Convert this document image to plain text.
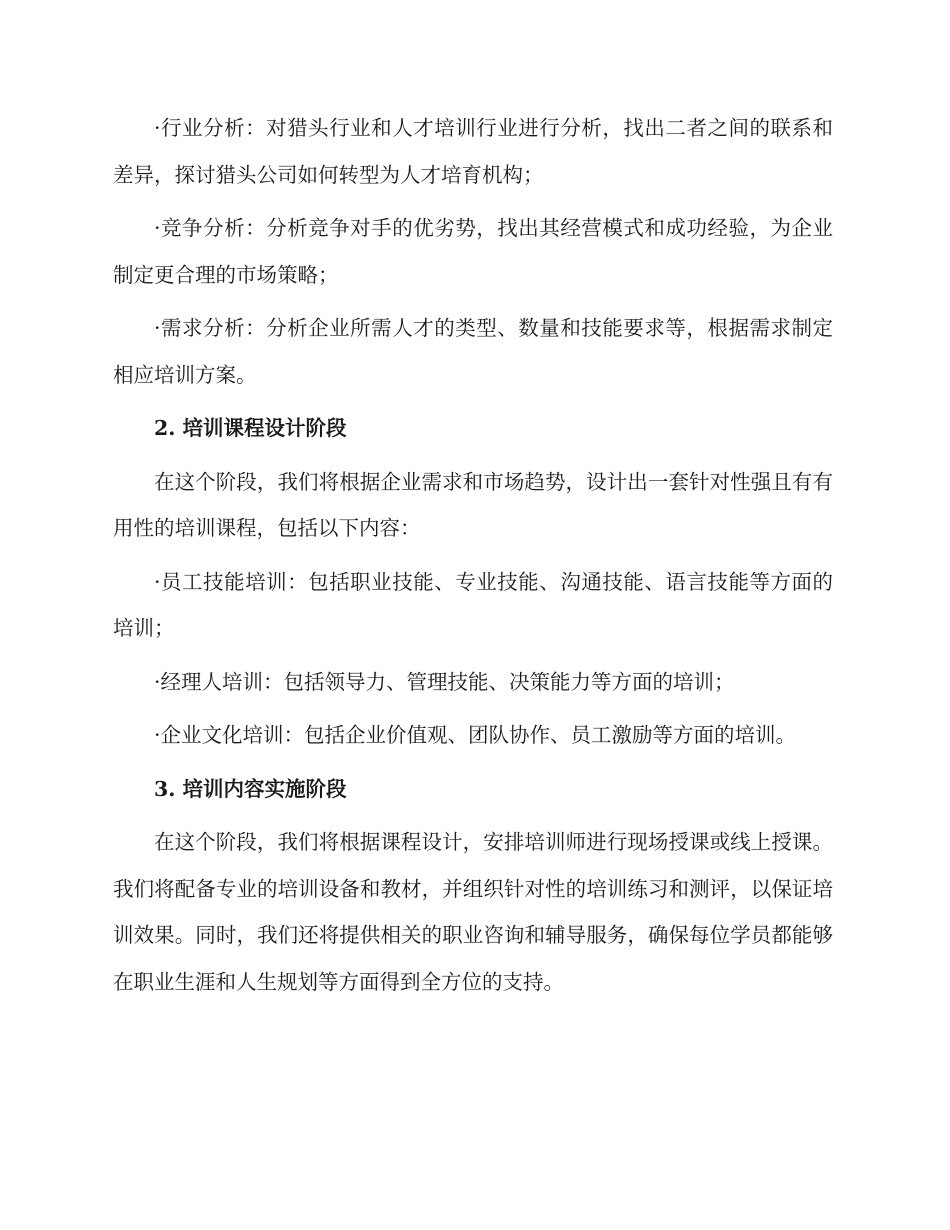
·行业分析：对猎头行业和人才培训行业进行分析，找出二者之间的联系和差异，探讨猎头公司如何转型为人才培育机构；

·竞争分析：分析竞争对手的优劣势，找出其经营模式和成功经验，为企业制定更合理的市场策略；

·需求分析：分析企业所需人才的类型、数量和技能要求等，根据需求制定相应培训方案。

2. 培训课程设计阶段

在这个阶段，我们将根据企业需求和市场趋势，设计出一套针对性强且有有用性的培训课程，包括以下内容：

·员工技能培训：包括职业技能、专业技能、沟通技能、语言技能等方面的培训；

·经理人培训：包括领导力、管理技能、决策能力等方面的培训；

·企业文化培训：包括企业价值观、团队协作、员工激励等方面的培训。

3. 培训内容实施阶段

在这个阶段，我们将根据课程设计，安排培训师进行现场授课或线上授课。我们将配备专业的培训设备和教材，并组织针对性的培训练习和测评，以保证培训效果。同时，我们还将提供相关的职业咨询和辅导服务，确保每位学员都能够在职业生涯和人生规划等方面得到全方位的支持。
